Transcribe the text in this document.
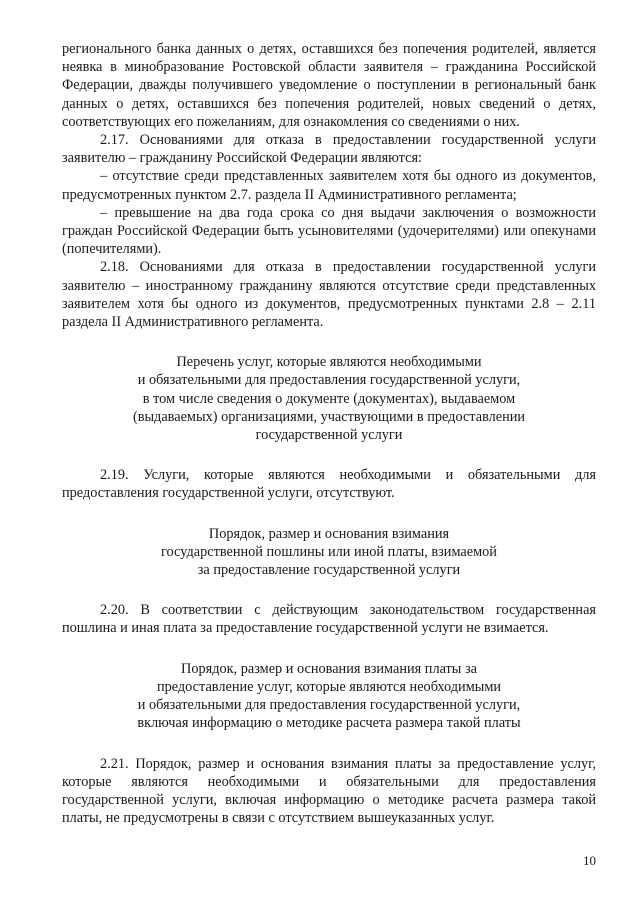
регионального банка данных о детях, оставшихся без попечения родителей, является неявка в минобразование Ростовской области заявителя – гражданина Российской Федерации, дважды получившего уведомление о поступлении в региональный банк данных о детях, оставшихся без попечения родителей, новых сведений о детях, соответствующих его пожеланиям, для ознакомления со сведениями о них.

2.17. Основаниями для отказа в предоставлении государственной услуги заявителю – гражданину Российской Федерации являются:

– отсутствие среди представленных заявителем хотя бы одного из документов, предусмотренных пунктом 2.7. раздела II Административного регламента;

– превышение на два года срока со дня выдачи заключения о возможности граждан Российской Федерации быть усыновителями (удочерителями) или опекунами (попечителями).

2.18. Основаниями для отказа в предоставлении государственной услуги заявителю – иностранному гражданину являются отсутствие среди представленных заявителем хотя бы одного из документов, предусмотренных пунктами 2.8 – 2.11 раздела II Административного регламента.

Перечень услуг, которые являются необходимыми
и обязательными для предоставления государственной услуги,
в том числе сведения о документе (документах), выдаваемом
(выдаваемых) организациями, участвующими в предоставлении
государственной услуги

2.19. Услуги, которые являются необходимыми и обязательными для предоставления государственной услуги, отсутствуют.

Порядок, размер и основания взимания
государственной пошлины или иной платы, взимаемой
за предоставление государственной услуги

2.20. В соответствии с действующим законодательством государственная пошлина и иная плата за предоставление государственной услуги не взимается.

Порядок, размер и основания взимания платы за
предоставление услуг, которые являются необходимыми
и обязательными для предоставления государственной услуги,
включая информацию о методике расчета размера такой платы

2.21. Порядок, размер и основания взимания платы за предоставление услуг, которые являются необходимыми и обязательными для предоставления государственной услуги, включая информацию о методике расчета размера такой платы, не предусмотрены в связи с отсутствием вышеуказанных услуг.

10
